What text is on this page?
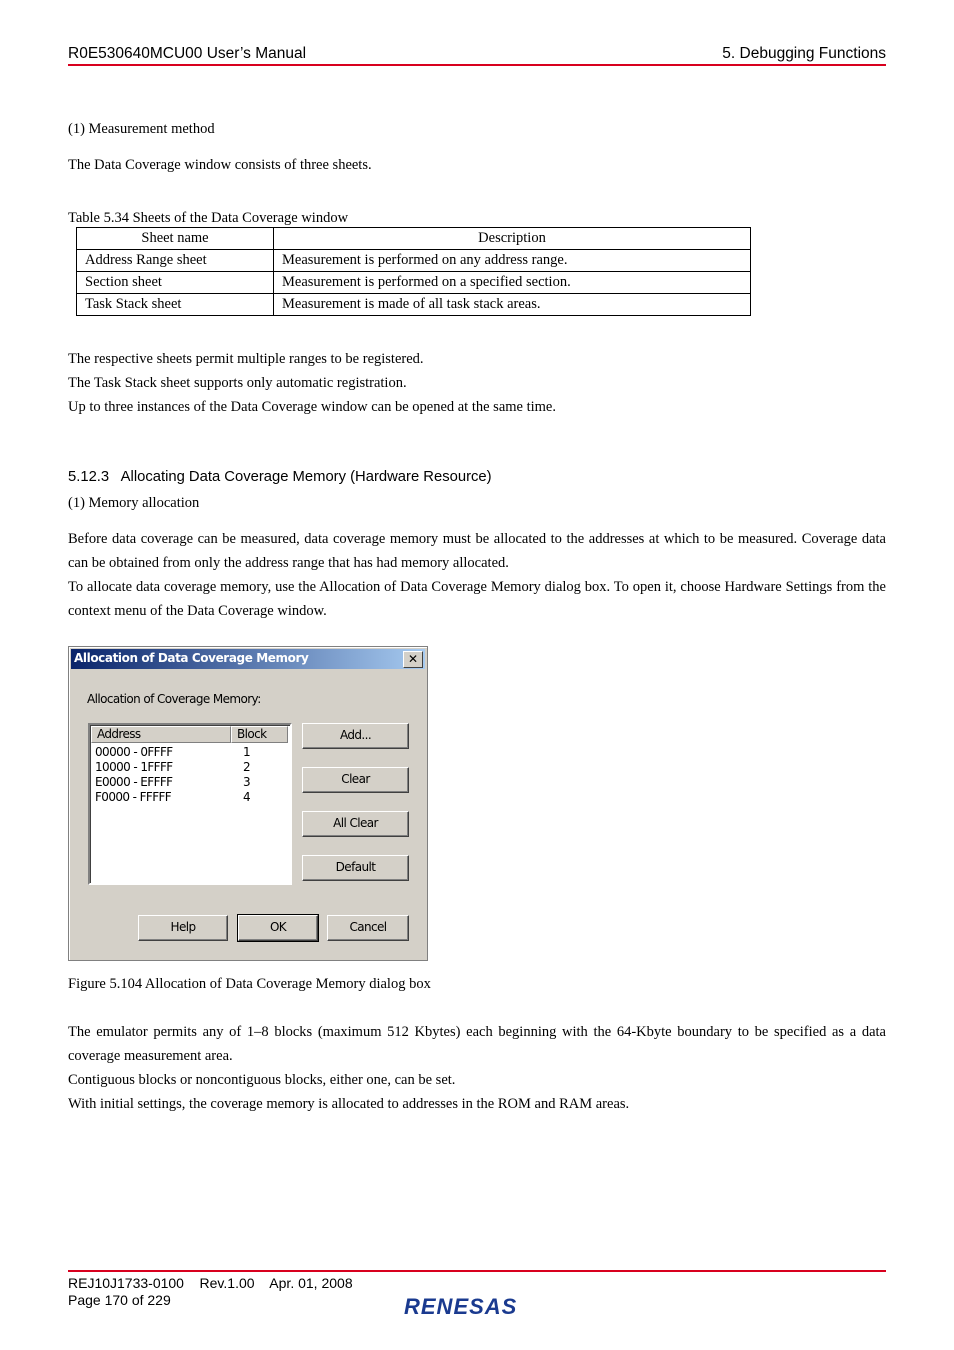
R0E530640MCU00 User’s Manual	5. Debugging Functions
(1) Measurement method
The Data Coverage window consists of three sheets.
Table 5.34 Sheets of the Data Coverage window
Sheet name	Description
Address Range sheet	Measurement is performed on any address range.
Section sheet	Measurement is performed on a specified section.
Task Stack sheet	Measurement is made of all task stack areas.
The respective sheets permit multiple ranges to be registered.
The Task Stack sheet supports only automatic registration.
Up to three instances of the Data Coverage window can be opened at the same time.
5.12.3   Allocating Data Coverage Memory (Hardware Resource)
(1) Memory allocation
Before data coverage can be measured, data coverage memory must be allocated to the addresses at which to be measured. Coverage data can be obtained from only the address range that has had memory allocated.
To allocate data coverage memory, use the Allocation of Data Coverage Memory dialog box. To open it, choose Hardware Settings from the context menu of the Data Coverage window.
Allocation of Data Coverage Memory	✕
Allocation of Coverage Memory:
Address	Block
00000 - 0FFFF	1
10000 - 1FFFF	2
E0000 - EFFFF	3
F0000 - FFFFF	4
Add...
Clear
All Clear
Default
Help	OK	Cancel
Figure 5.104 Allocation of Data Coverage Memory dialog box
The emulator permits any of 1–8 blocks (maximum 512 Kbytes) each beginning with the 64-Kbyte boundary to be specified as a data coverage measurement area.
Contiguous blocks or noncontiguous blocks, either one, can be set.
With initial settings, the coverage memory is allocated to addresses in the ROM and RAM areas.
REJ10J1733-0100    Rev.1.00    Apr. 01, 2008
Page 170 of 229	RENESAS
